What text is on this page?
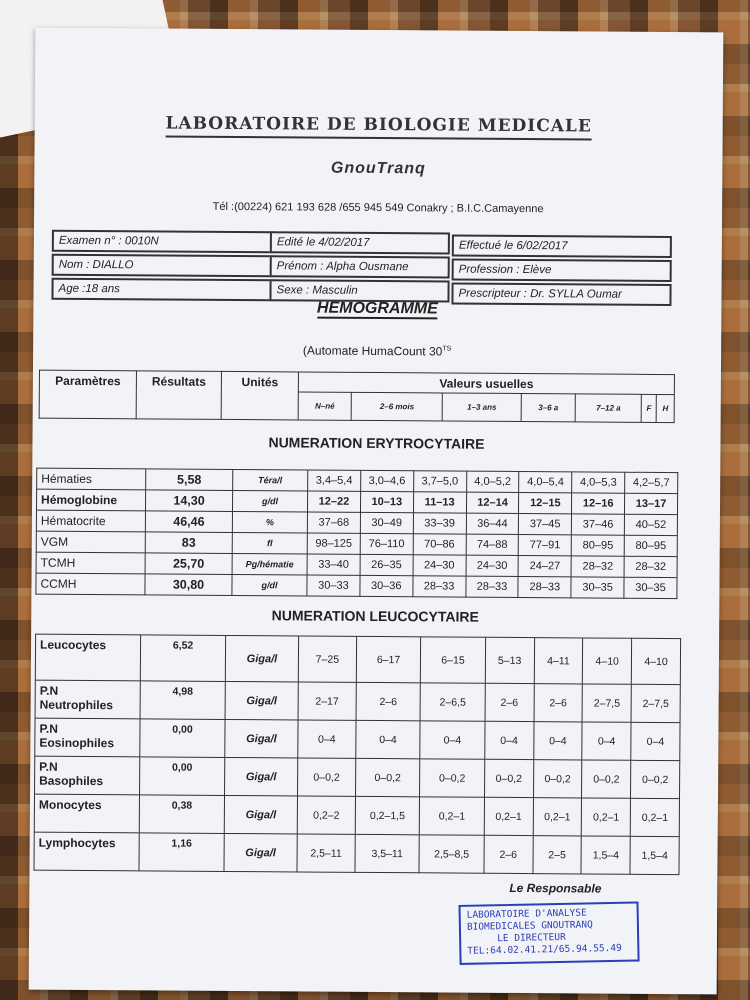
LABORATOIRE DE BIOLOGIE MEDICALE
GnouTranq
Tél :(00224) 621 193 628 /655 945 549 Conakry ; B.I.C.Camayenne
Examen n° : 0010N	Edité le 4/02/2017	Effectué le 6/02/2017
Nom : DIALLO	Prénom : Alpha Ousmane	Profession : Elève
Age :18 ans	Sexe : Masculin	Prescripteur : Dr. SYLLA Oumar
HEMOGRAMME
(Automate HumaCount $30^{TS}$
Paramètres	Résultats	Unités	Valeurs usuelles						
			N–né	2–6 mois	1–3 ans	3–6 a	7–12 a	F	H
NUMERATION ERYTROCYTAIRE
Hématies	5,58	Téra/l	3,4–5,4	3,0–4,6	3,7–5,0	4,0–5,2	4,0–5,4	4,0–5,3	4,2–5,7
Hémoglobine	14,30	g/dl	12–22	10–13	11–13	12–14	12–15	12–16	13–17
Hématocrite	46,46	%	37–68	30–49	33–39	36–44	37–45	37–46	40–52
VGM	83	fl	98–125	76–110	70–86	74–88	77–91	80–95	80–95
TCMH	25,70	Pg/hématie	33–40	26–35	24–30	24–30	24–27	28–32	28–32
CCMH	30,80	g/dl	30–33	30–36	28–33	28–33	28–33	30–35	30–35
NUMERATION LEUCOCYTAIRE
Leucocytes	6,52	Giga/l	7–25	6–17	6–15	5–13	4–11	4–10	4–10

P.N
Neutrophiles	4,98	Giga/l	2–17	2–6	2–6,5	2–6	2–6	2–7,5	2–7,5

P.N
Eosinophiles	0,00	Giga/l	0–4	0–4	0–4	0–4	0–4	0–4	0–4

P.N
Basophiles	0,00	Giga/l	0–0,2	0–0,2	0–0,2	0–0,2	0–0,2	0–0,2	0–0,2

Monocytes	0,38	Giga/l	0,2–2	0,2–1,5	0,2–1	0,2–1	0,2–1	0,2–1	0,2–1

Lymphocytes	1,16	Giga/l	2,5–11	3,5–11	2,5–8,5	2–6	2–5	1,5–4	1,5–4
Le Responsable
LABORATOIRE D'ANALYSE
BIOMEDICALES GNOUTRANQ
LE DIRECTEUR
TEL:64.02.41.21/65.94.55.49
